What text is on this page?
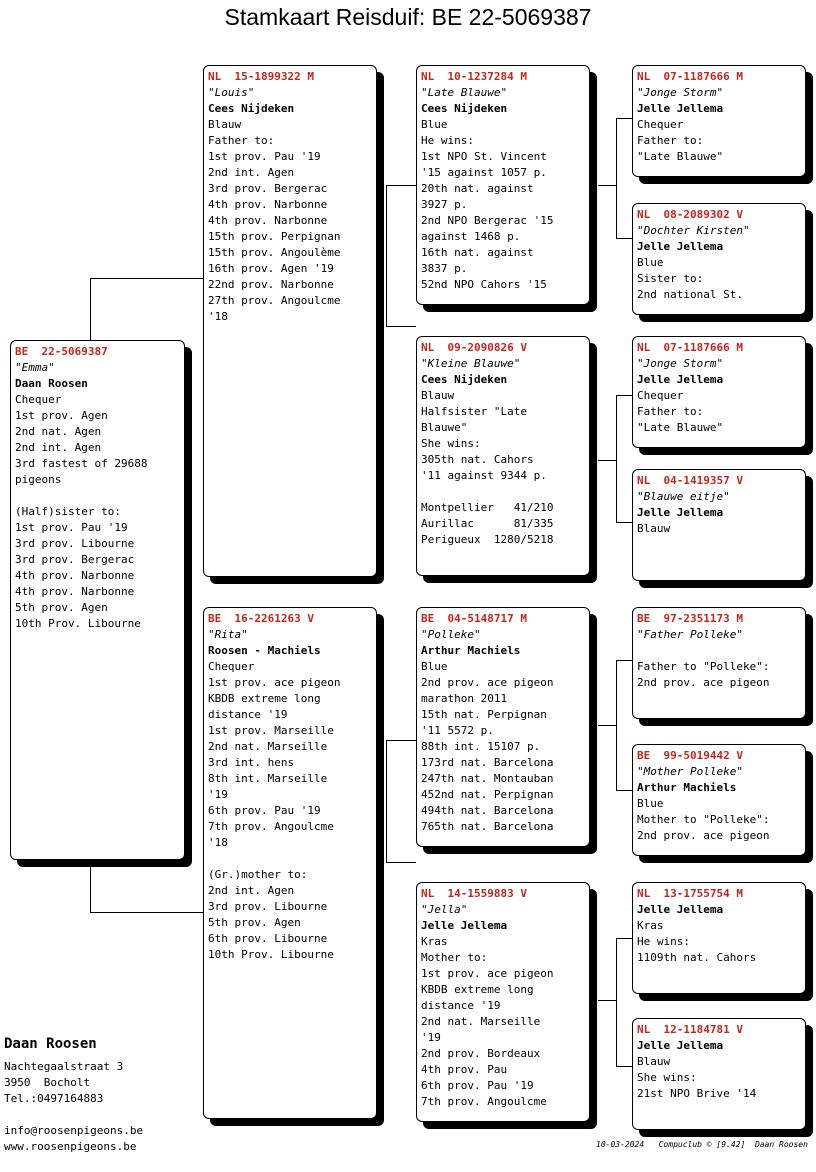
Stamkaart Reisduif: BE 22-5069387
BE  22-5069387
"Emma"
Daan Roosen
Chequer
1st prov. Agen
2nd nat. Agen
2nd int. Agen
3rd fastest of 29688
pigeons
(Half)sister to:
1st prov. Pau '19
3rd prov. Libourne
3rd prov. Bergerac
4th prov. Narbonne
4th prov. Narbonne
5th prov. Agen
10th Prov. Libourne
NL  15-1899322 M
"Louis"
Cees Nijdeken
Blauw
Father to:
1st prov. Pau '19
2nd int. Agen
3rd prov. Bergerac
4th prov. Narbonne
4th prov. Narbonne
15th prov. Perpignan
15th prov. Angoulème
16th prov. Agen '19
22nd prov. Narbonne
27th prov. Angoulcme
'18
BE  16-2261263 V
"Rita"
Roosen - Machiels
Chequer
1st prov. ace pigeon
KBDB extreme long
distance '19
1st prov. Marseille
2nd nat. Marseille
3rd int. hens
8th int. Marseille
'19
6th prov. Pau '19
7th prov. Angoulcme
'18
(Gr.)mother to:
2nd int. Agen
3rd prov. Libourne
5th prov. Agen
6th prov. Libourne
10th Prov. Libourne
NL  10-1237284 M
"Late Blauwe"
Cees Nijdeken
Blue
He wins:
1st NPO St. Vincent
'15 against 1057 p.
20th nat. against
3927 p.
2nd NPO Bergerac '15
against 1468 p.
16th nat. against
3837 p.
52nd NPO Cahors '15
NL  09-2090826 V
"Kleine Blauwe"
Cees Nijdeken
Blauw
Halfsister "Late
Blauwe"
She wins:
305th nat. Cahors
'11 against 9344 p.
Montpellier   41/210
Aurillac      81/335
Perigueux  1280/5218
BE  04-5148717 M
"Polleke"
Arthur Machiels
Blue
2nd prov. ace pigeon
marathon 2011
15th nat. Perpignan
'11 5572 p.
88th int. 15107 p.
173rd nat. Barcelona
247th nat. Montauban
452nd nat. Perpignan
494th nat. Barcelona
765th nat. Barcelona
NL  14-1559883 V
"Jella"
Jelle Jellema
Kras
Mother to:
1st prov. ace pigeon
KBDB extreme long
distance '19
2nd nat. Marseille
'19
2nd prov. Bordeaux
4th prov. Pau
6th prov. Pau '19
7th prov. Angoulcme
NL  07-1187666 M
"Jonge Storm"
Jelle Jellema
Chequer
Father to:
"Late Blauwe"
NL  08-2089302 V
"Dochter Kirsten"
Jelle Jellema
Blue
Sister to:
2nd national St.
NL  07-1187666 M
"Jonge Storm"
Jelle Jellema
Chequer
Father to:
"Late Blauwe"
NL  04-1419357 V
"Blauwe eitje"
Jelle Jellema
Blauw
BE  97-2351173 M
"Father Polleke"
Father to "Polleke":
2nd prov. ace pigeon
BE  99-5019442 V
"Mother Polleke"
Arthur Machiels
Blue
Mother to "Polleke":
2nd prov. ace pigeon
NL  13-1755754 M
Jelle Jellema
Kras
He wins:
1109th nat. Cahors
NL  12-1184781 V
Jelle Jellema
Blauw
She wins:
21st NPO Brive '14
Daan Roosen
Nachtegaalstraat 3
3950  Bocholt
Tel.:0497164883
info@roosenpigeons.be
www.roosenpigeons.be	10-03-2024   Compuclub © [9.42]  Daan Roosen
